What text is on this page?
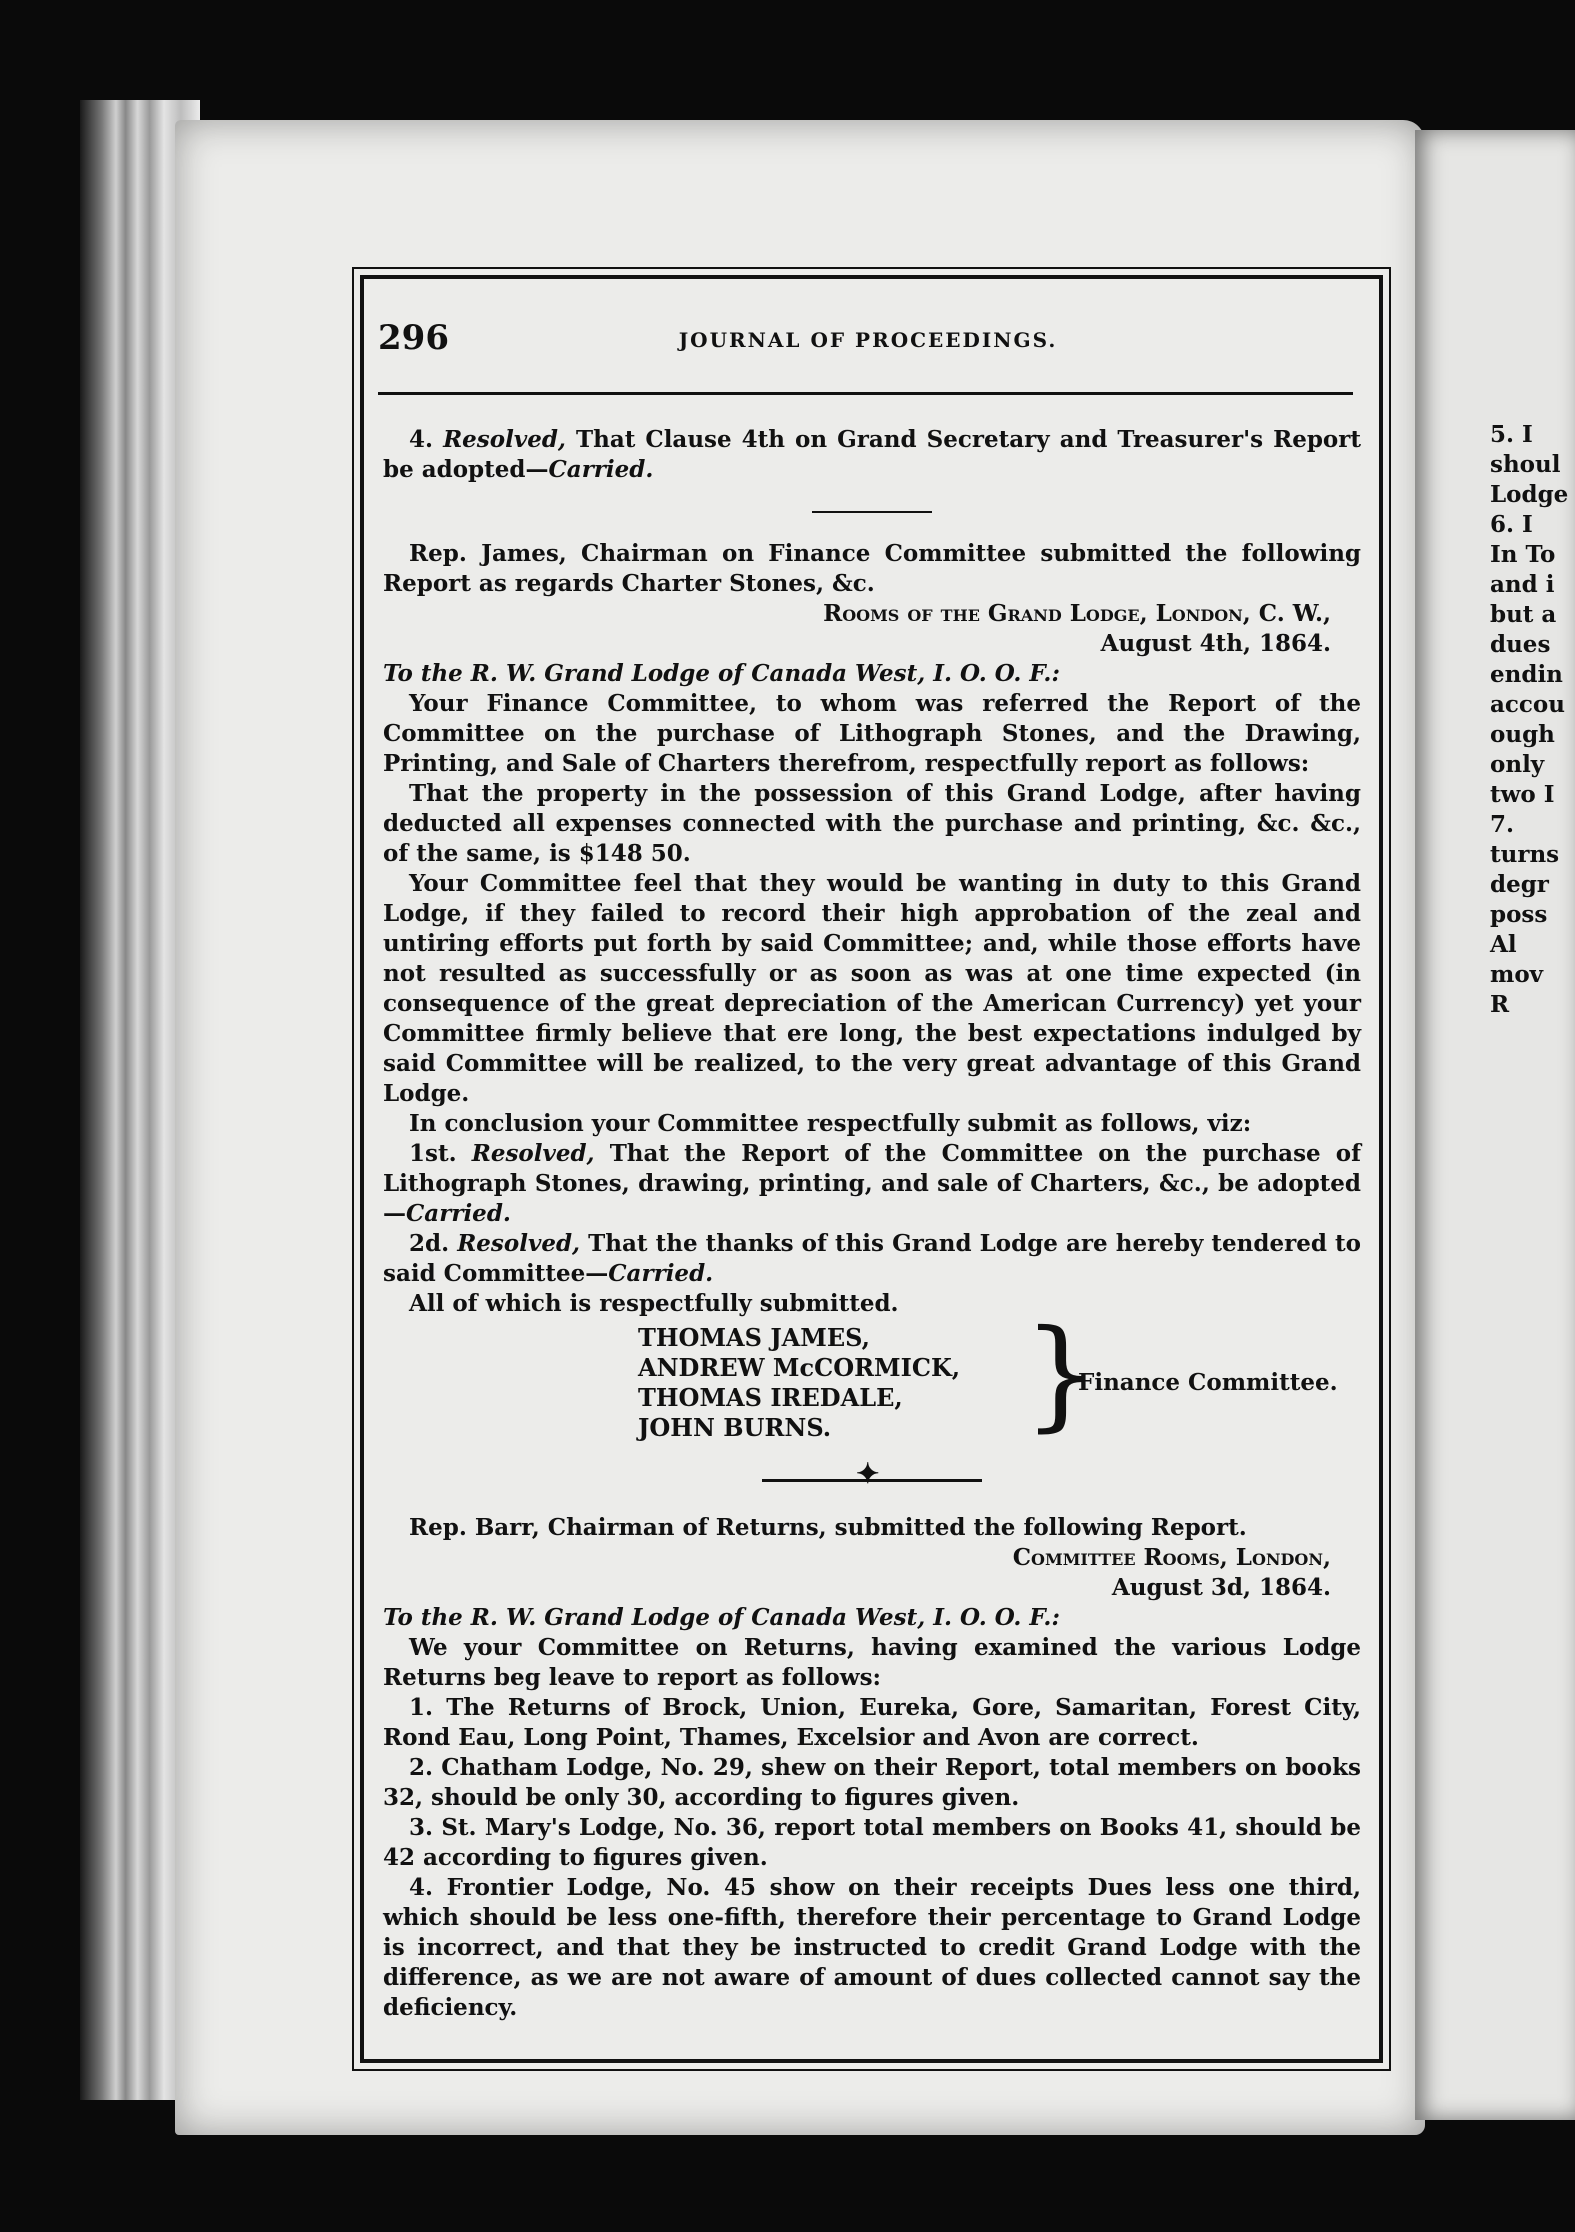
5. I
shoul
Lodge
6. I
In To
and i
but a
dues
endin
accou
ough
only
two I
7.
turns
degr
poss
Al
mov
R
296	JOURNAL OF PROCEEDINGS.

4. Resolved, That Clause 4th on Grand Secretary and Treasurer's Report be adopted—Carried.

Rep. James, Chairman on Finance Committee submitted the following Report as regards Charter Stones, &c.

Rooms of the Grand Lodge, London, C. W.,

August 4th, 1864.

To the R. W. Grand Lodge of Canada West, I. O. O. F.:

Your Finance Committee, to whom was referred the Report of the Committee on the purchase of Lithograph Stones, and the Drawing, Printing, and Sale of Charters therefrom, respectfully report as follows:

That the property in the possession of this Grand Lodge, after having deducted all expenses connected with the purchase and printing, &c. &c., of the same, is $148 50.

Your Committee feel that they would be wanting in duty to this Grand Lodge, if they failed to record their high approbation of the zeal and untiring efforts put forth by said Committee; and, while those efforts have not resulted as successfully or as soon as was at one time expected (in consequence of the great depreciation of the American Currency) yet your Committee firmly believe that ere long, the best expectations indulged by said Committee will be realized, to the very great advantage of this Grand Lodge.

In conclusion your Committee respectfully submit as follows, viz:

1st. Resolved, That the Report of the Committee on the purchase of Lithograph Stones, drawing, printing, and sale of Charters, &c., be adopted—Carried.

2d. Resolved, That the thanks of this Grand Lodge are hereby tendered to said Committee—Carried.

All of which is respectfully submitted.

THOMAS JAMES,
ANDREW McCORMICK,
THOMAS IREDALE,
JOHN BURNS.	}
Finance Committee.
✦

Rep. Barr, Chairman of Returns, submitted the following Report.

Committee Rooms, London,

August 3d, 1864.

To the R. W. Grand Lodge of Canada West, I. O. O. F.:

We your Committee on Returns, having examined the various Lodge Returns beg leave to report as follows:

1. The Returns of Brock, Union, Eureka, Gore, Samaritan, Forest City, Rond Eau, Long Point, Thames, Excelsior and Avon are correct.

2. Chatham Lodge, No. 29, shew on their Report, total members on books 32, should be only 30, according to figures given.

3. St. Mary's Lodge, No. 36, report total members on Books 41, should be 42 according to figures given.

4. Frontier Lodge, No. 45 show on their receipts Dues less one third, which should be less one-fifth, therefore their percentage to Grand Lodge is incorrect, and that they be instructed to credit Grand Lodge with the difference, as we are not aware of amount of dues collected cannot say the deficiency.
